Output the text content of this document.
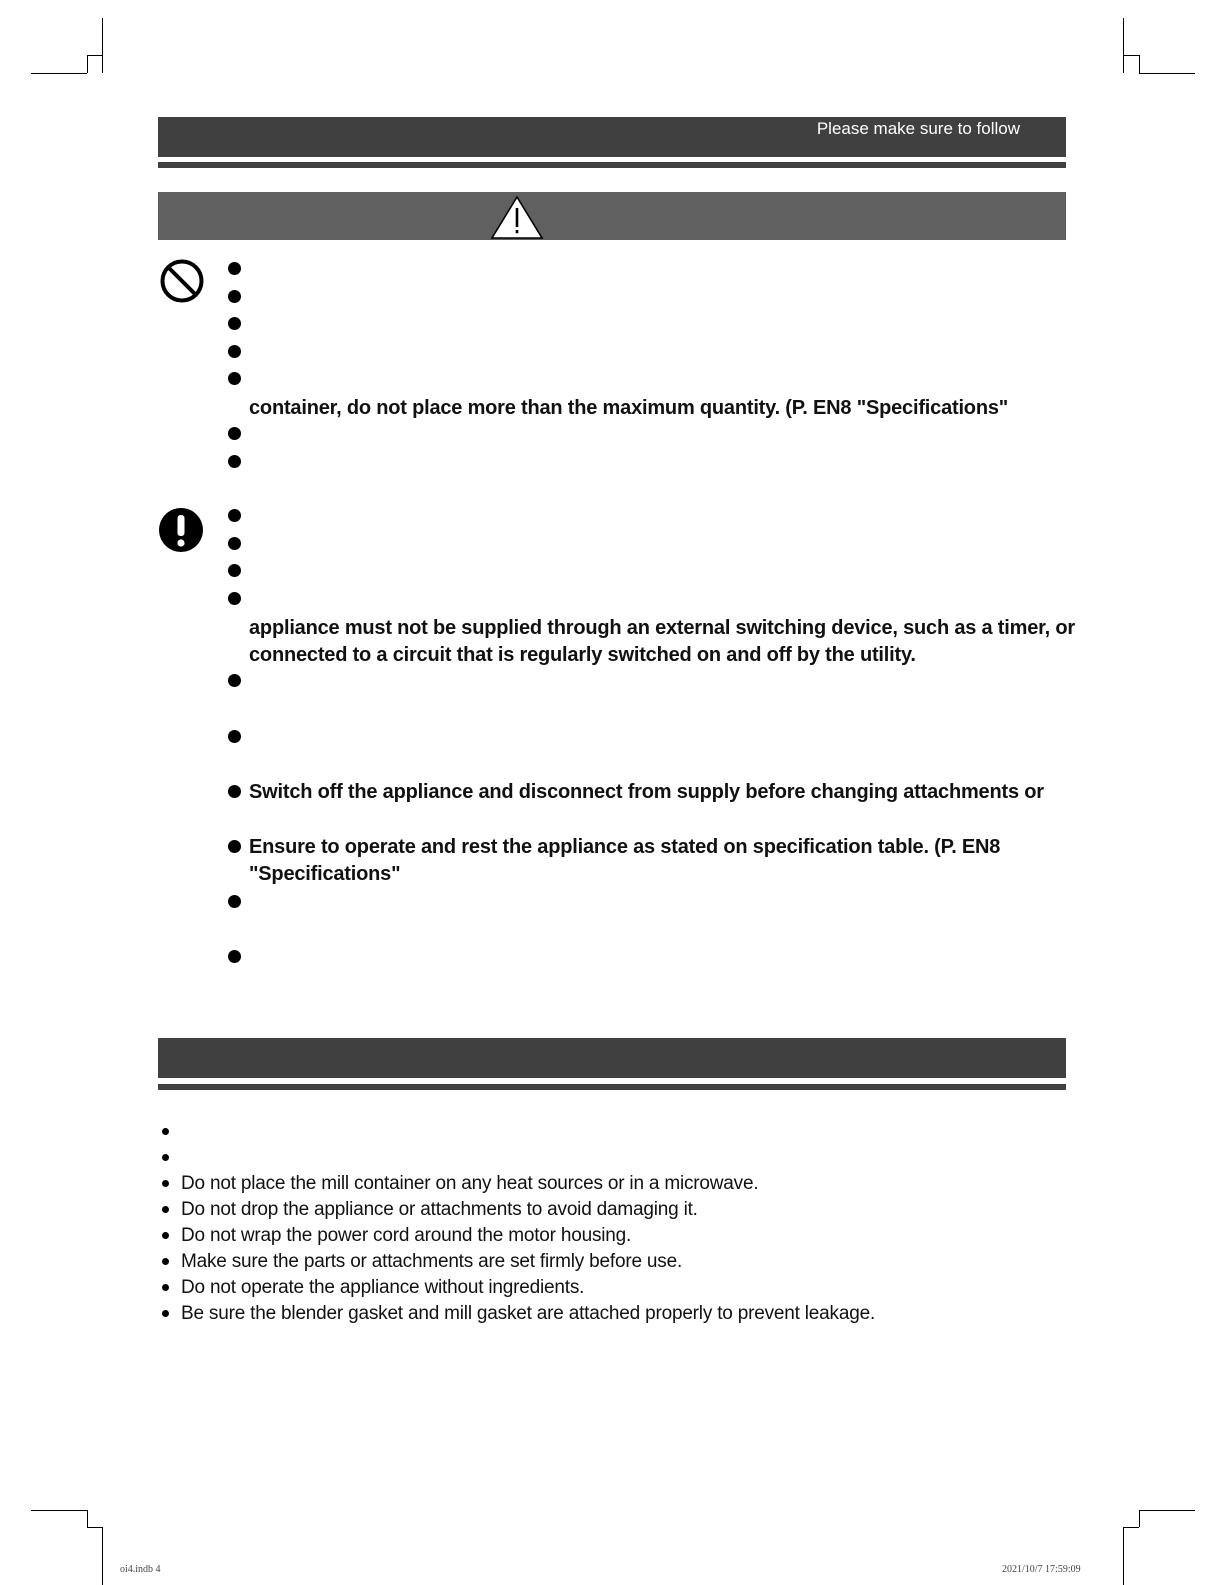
Please make sure to follow
container, do not place more than the maximum quantity. (P. EN8 "Specifications"
appliance must not be supplied through an external switching device, such as a timer, or
connected to a circuit that is regularly switched on and off by the utility.
Switch off the appliance and disconnect from supply before changing attachments or
Ensure to operate and rest the appliance as stated on specification table. (P. EN8
"Specifications"
Do not place the mill container on any heat sources or in a microwave.
Do not drop the appliance or attachments to avoid damaging it.
Do not wrap the power cord around the motor housing.
Make sure the parts or attachments are set firmly before use.
Do not operate the appliance without ingredients.
Be sure the blender gasket and mill gasket are attached properly to prevent leakage.
oi4.indb 4	2021/10/7 17:59:09
